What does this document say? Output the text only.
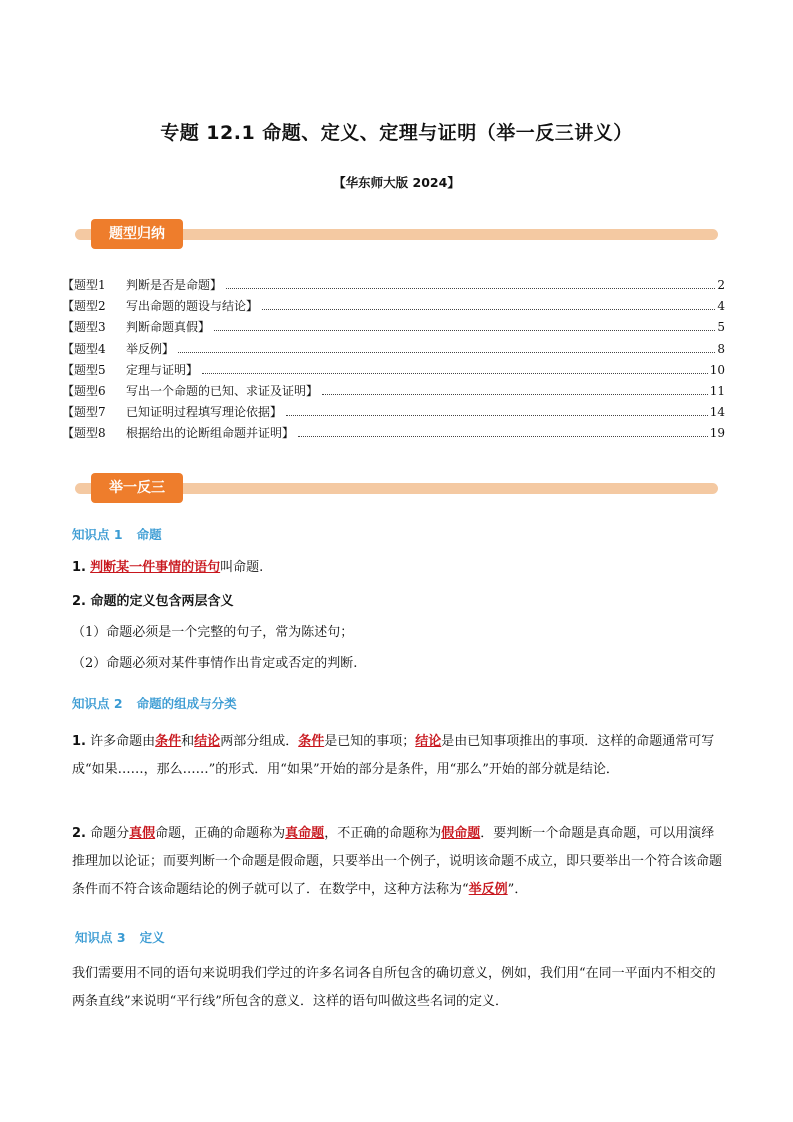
专题 12.1 命题、定义、定理与证明（举一反三讲义）
【华东师大版 2024】
题型归纳
【题型1 判断是否是命题】	2
【题型2 写出命题的题设与结论】	4
【题型3 判断命题真假】	5
【题型4 举反例】	8
【题型5 定理与证明】	10
【题型6 写出一个命题的已知、求证及证明】	11
【题型7 已知证明过程填写理论依据】	14
【题型8 根据给出的论断组命题并证明】	19
举一反三
知识点 1 命题
1. 判断某一件事情的语句叫命题.
2. 命题的定义包含两层含义
（1）命题必须是一个完整的句子，常为陈述句；
（2）命题必须对某件事情作出肯定或否定的判断.
知识点 2 命题的组成与分类
1. 许多命题由条件和结论两部分组成．条件是已知的事项；结论是由已知事项推出的事项．这样的命题通常可写成“如果……，那么……”的形式．用“如果”开始的部分是条件，用“那么”开始的部分就是结论．
2. 命题分真假命题，正确的命题称为真命题，不正确的命题称为假命题．要判断一个命题是真命题，可以用演绎推理加以论证；而要判断一个命题是假命题，只要举出一个例子，说明该命题不成立，即只要举出一个符合该命题条件而不符合该命题结论的例子就可以了．在数学中，这种方法称为“举反例”．
知识点 3 定义
我们需要用不同的语句来说明我们学过的许多名词各自所包含的确切意义，例如，我们用“在同一平面内不相交的两条直线”来说明“平行线”所包含的意义．这样的语句叫做这些名词的定义．
